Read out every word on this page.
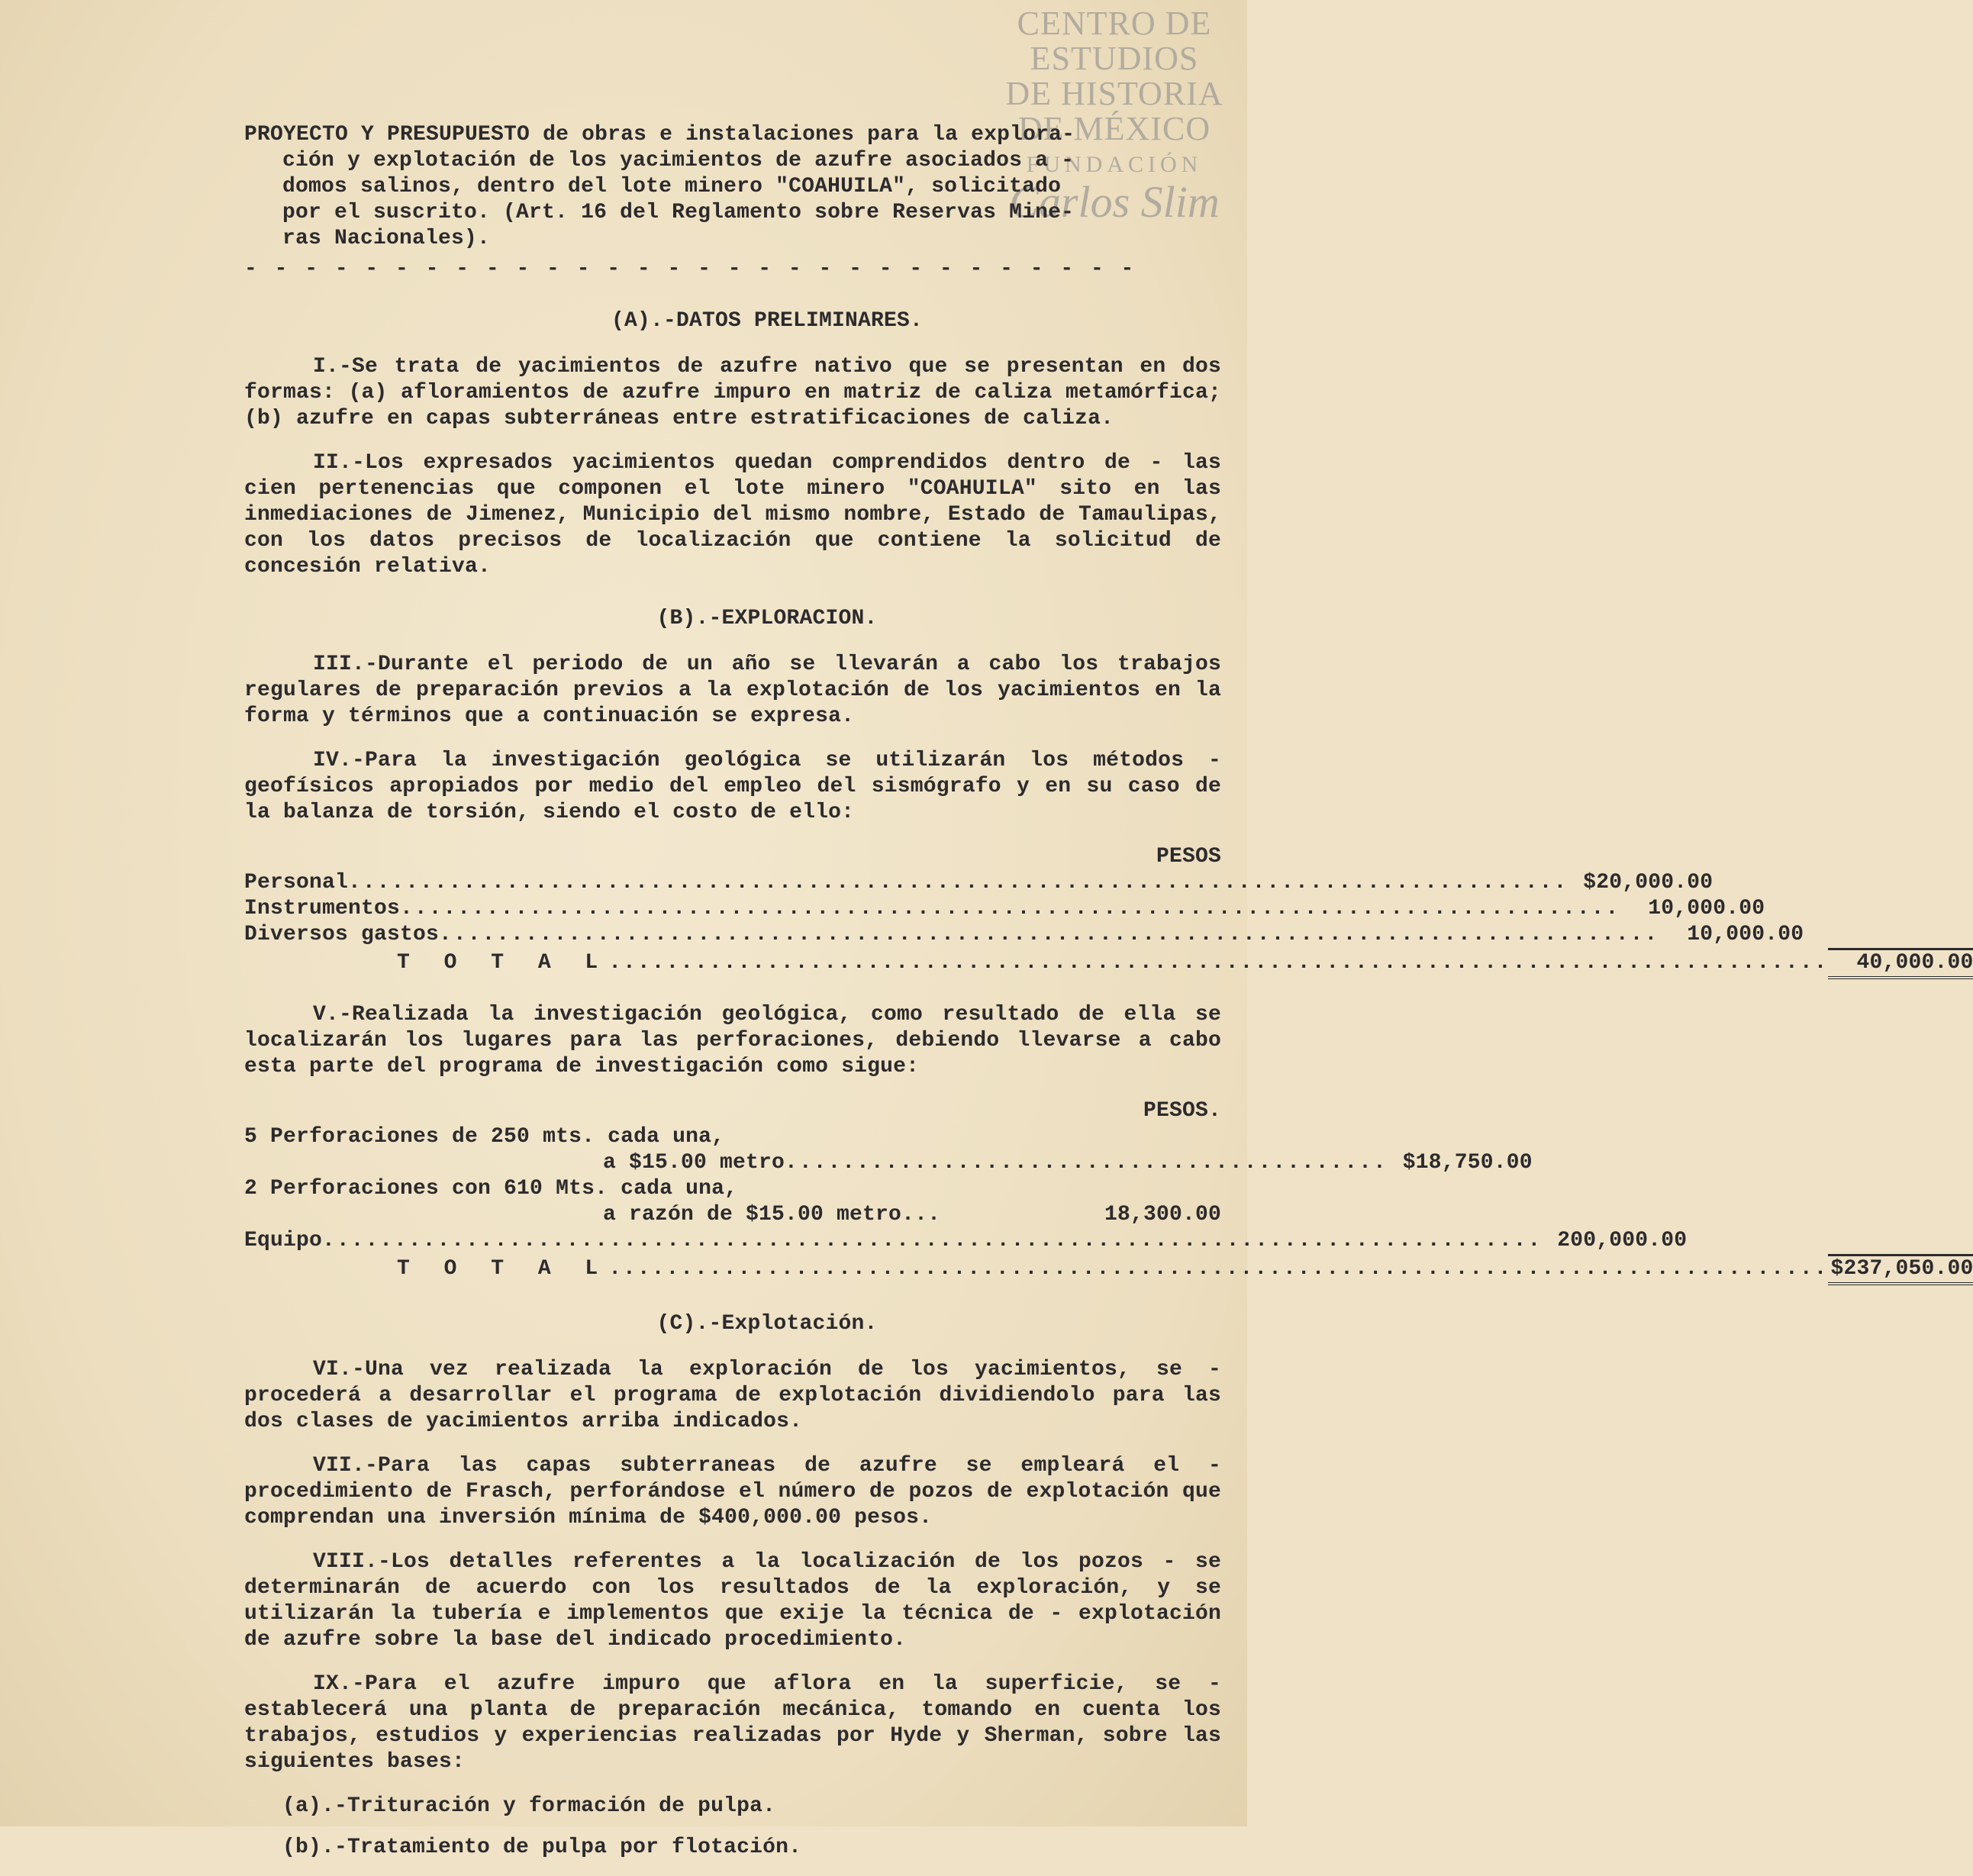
CENTRO DE
ESTUDIOS
DE HISTORIA
DE MÉXICO
FUNDACIÓN
Carlos Slim

PROYECTO Y PRESUPUESTO de obras e instalaciones para la explora-

ción y explotación de los yacimientos de azufre asociados a -

domos salinos, dentro del lote minero "COAHUILA", solicitado

por el suscrito. (Art. 16 del Reglamento sobre Reservas Mine-

ras Nacionales).

- - - - - - - - - - - - - - - - - - - - - - - - - - - - - -
(A).-DATOS PRELIMINARES.

I.-Se trata de yacimientos de azufre nativo que se presentan en dos formas: (a) afloramientos de azufre impuro en matriz de caliza metamórfica; (b) azufre en capas subterráneas entre estratificaciones de caliza.

II.-Los expresados yacimientos quedan comprendidos dentro de - las cien pertenencias que componen el lote minero "COAHUILA" sito en las inmediaciones de Jimenez, Municipio del mismo nombre, Estado de Tamaulipas, con los datos precisos de localización que contiene la solicitud de concesión relativa.

(B).-EXPLORACION.

III.-Durante el periodo de un año se llevarán a cabo los trabajos regulares de preparación previos a la explotación de los yacimientos en la forma y términos que a continuación se expresa.

IV.-Para la investigación geológica se utilizarán los métodos - geofísicos apropiados por medio del empleo del sismógrafo y en su caso de la balanza de torsión, siendo el costo de ello:

PESOS
Personal ..................................................................................... $20,000.00
Instrumentos .....................................................................................	10,000.00
Diversos gastos .....................................................................................	10,000.00
T O T A L .....................................................................................	40,000.00

V.-Realizada la investigación geológica, como resultado de ella se localizarán los lugares para las perforaciones, debiendo llevarse a cabo esta parte del programa de investigación como sigue:

PESOS.
5 Perforaciones de 250 mts. cada una,
a $15.00 metro .......................................... $18,750.00
2 Perforaciones con 610 Mts. cada una,
a razón de $15.00 metro...	18,300.00
Equipo ..................................................................................... 200,000.00
T O T A L ..................................................................................... $237,050.00
(C).-Explotación.

VI.-Una vez realizada la exploración de los yacimientos, se - procederá a desarrollar el programa de explotación dividiendolo para las dos clases de yacimientos arriba indicados.

VII.-Para las capas subterraneas de azufre se empleará el - procedimiento de Frasch, perforándose el número de pozos de explotación que comprendan una inversión mínima de $400,000.00 pesos.

VIII.-Los detalles referentes a la localización de los pozos - se determinarán de acuerdo con los resultados de la exploración, y se utilizarán la tubería e implementos que exije la técnica de - explotación de azufre sobre la base del indicado procedimiento.

IX.-Para el azufre impuro que aflora en la superficie, se - establecerá una planta de preparación mecánica, tomando en cuenta los trabajos, estudios y experiencias realizadas por Hyde y Sherman, sobre las siguientes bases:

(a).-Trituración y formación de pulpa.

(b).-Tratamiento de pulpa por flotación.
